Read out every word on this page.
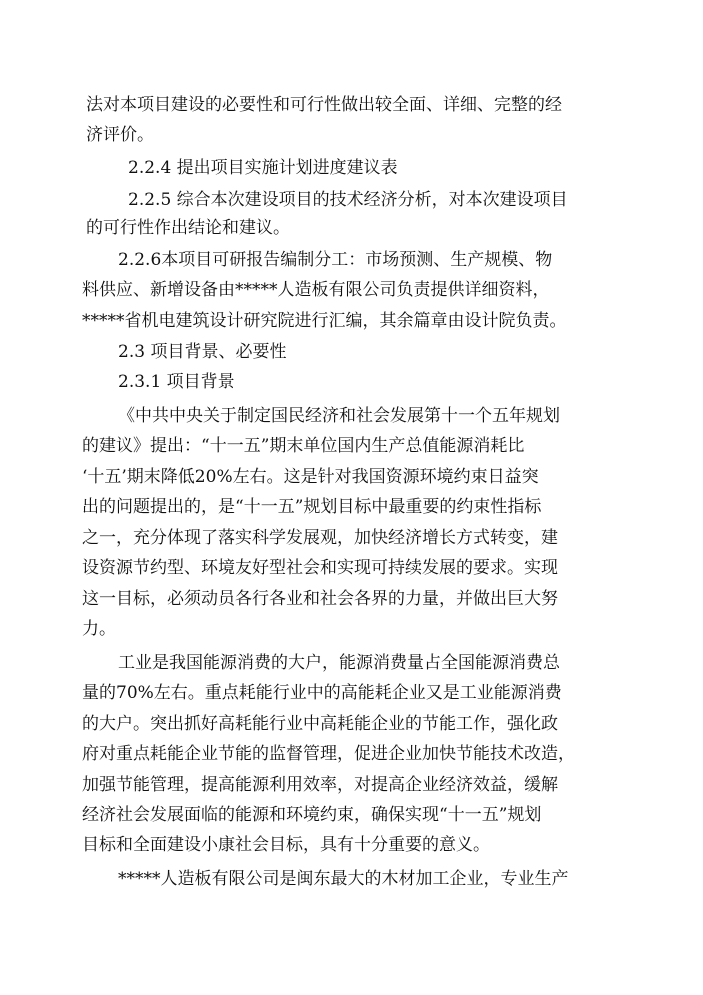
法对本项目建设的必要性和可行性做出较全面、详细、完整的经
济评价。
2.2.4 提出项目实施计划进度建议表
2.2.5 综合本次建设项目的技术经济分析，对本次建设项目
的可行性作出结论和建议。
2.2.6本项目可研报告编制分工：市场预测、生产规模、物
料供应、新增设备由*****人造板有限公司负责提供详细资料，
*****省机电建筑设计研究院进行汇编，其余篇章由设计院负责。
2.3 项目背景、必要性
2.3.1 项目背景
《中共中央关于制定国民经济和社会发展第十一个五年规划
的建议》提出：“十一五”期末单位国内生产总值能源消耗比
‘十五’期末降低20%左右。这是针对我国资源环境约束日益突
出的问题提出的，是“十一五”规划目标中最重要的约束性指标
之一，充分体现了落实科学发展观，加快经济增长方式转变，建
设资源节约型、环境友好型社会和实现可持续发展的要求。实现
这一目标，必须动员各行各业和社会各界的力量，并做出巨大努
力。
工业是我国能源消费的大户，能源消费量占全国能源消费总
量的70%左右。重点耗能行业中的高能耗企业又是工业能源消费
的大户。突出抓好高耗能行业中高耗能企业的节能工作，强化政
府对重点耗能企业节能的监督管理，促进企业加快节能技术改造，
加强节能管理，提高能源利用效率，对提高企业经济效益，缓解
经济社会发展面临的能源和环境约束，确保实现“十一五”规划
目标和全面建设小康社会目标，具有十分重要的意义。
*****人造板有限公司是闽东最大的木材加工企业，专业生产
